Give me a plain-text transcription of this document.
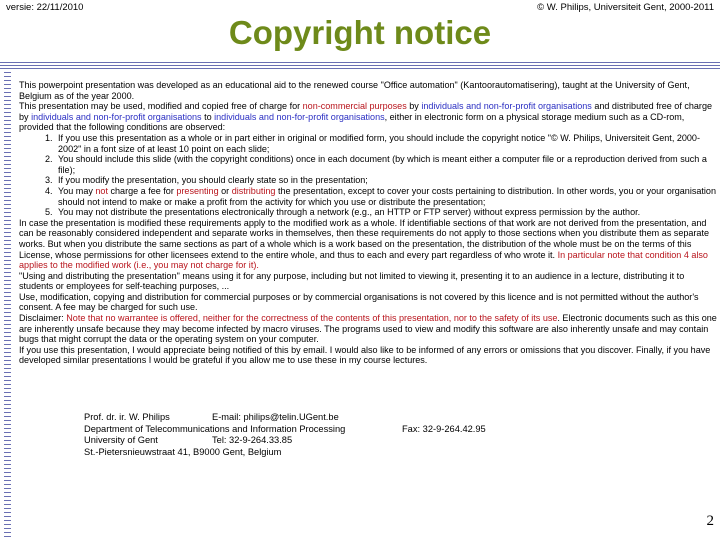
versie: 22/11/2010	© W. Philips, Universiteit Gent, 2000-2011
Copyright notice

This powerpoint presentation was developed as an educational aid to the renewed course "Office automation" (Kantoorautomatisering), taught at the University of Gent, Belgium as of the year 2000.

This presentation may be used, modified and copied free of charge for non-commercial purposes by individuals and non-for-profit organisations and distributed free of charge by individuals and non-for-profit organisations to individuals and non-for-profit organisations, either in electronic form on a physical storage medium such as a CD-rom, provided that the following conditions are observed:

1. If you use this presentation as a whole or in part either in original or modified form, you should include the copyright notice "© W. Philips, Universiteit Gent, 2000-2002" in a font size of at least 10 point on each slide;
2. You should include this slide (with the copyright conditions) once in each document (by which is meant either a computer file or a reproduction derived from such a file);
3. If you modify the presentation, you should clearly state so in the presentation;
4. You may not charge a fee for presenting or distributing the presentation, except to cover your costs pertaining to distribution. In other words, you or your organisation should not intend to make or make a profit from the activity for which you use or distribute the presentation;
5. You may not distribute the presentations electronically through a network (e.g., an HTTP or FTP server) without express permission by the author.

In case the presentation is modified these requirements apply to the modified work as a whole. If identifiable sections of that work are not derived from the presentation, and can be reasonably considered independent and separate works in themselves, then these requirements do not apply to those sections when you distribute them as separate works. But when you distribute the same sections as part of a whole which is a work based on the presentation, the distribution of the whole must be on the terms of this License, whose permissions for other licensees extend to the entire whole, and thus to each and every part regardless of who wrote it. In particular note that condition 4 also applies to the modified work (i.e., you may not charge for it).

"Using and distributing the presentation" means using it for any purpose, including but not limited to viewing it, presenting it to an audience in a lecture, distributing it to students or employees for self-teaching purposes, ...

Use, modification, copying and distribution for commercial purposes or by commercial organisations is not covered by this licence and is not permitted without the author's consent. A fee may be charged for such use.

Disclaimer: Note that no warrantee is offered, neither for the correctness of the contents of this presentation, nor to the safety of its use. Electronic documents such as this one are inherently unsafe because they may become infected by macro viruses. The programs used to view and modify this software are also inherently unsafe and may contain bugs that might corrupt the data or the operating system on your computer.

If you use this presentation, I would appreciate being notified of this by email. I would also like to be informed of any errors or omissions that you discover. Finally, if you have developed similar presentations I would be grateful if you allow me to use these in my course lectures.

Prof. dr. ir. W. Philips	E-mail: philips@telin.UGent.be
Department of Telecommunications and Information Processing	Fax: 32-9-264.42.95
University of Gent	Tel: 32-9-264.33.85
St.-Pietersnieuwstraat 41, B9000 Gent, Belgium
2
